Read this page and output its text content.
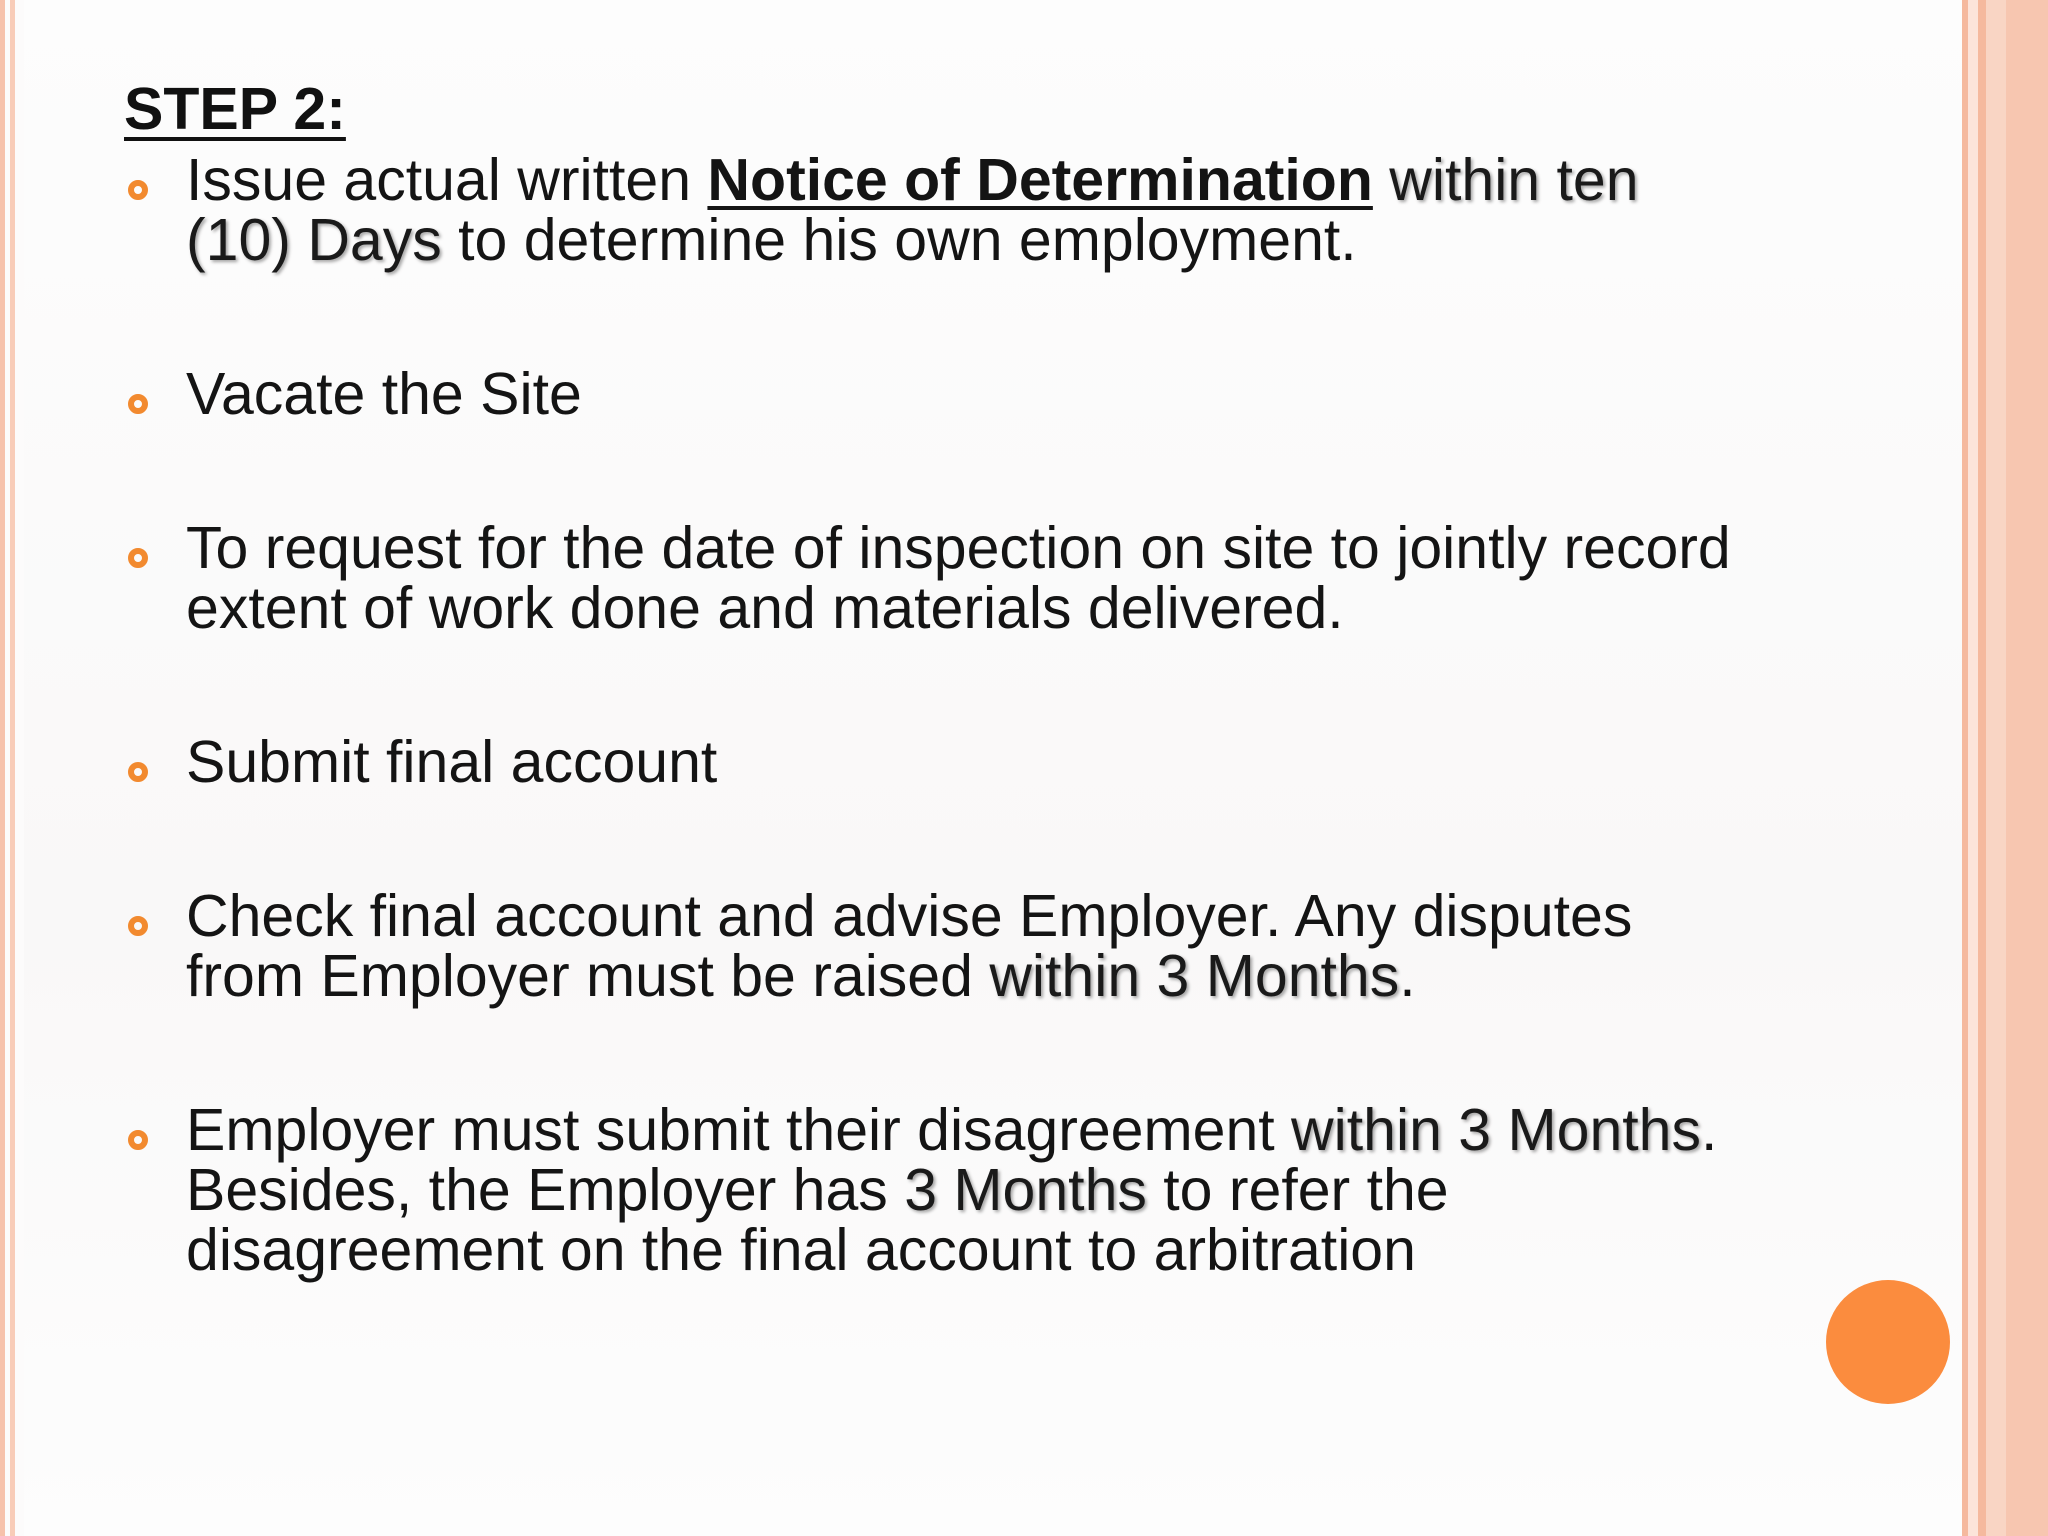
STEP 2:
Issue actual written Notice of Determination within ten (10) Days to determine his own employment.
Vacate the Site
To request for the date of inspection on site to jointly record extent of work done and materials delivered.
Submit final account
Check final account and advise Employer. Any disputes from Employer must be raised within 3 Months.
Employer must submit their disagreement within 3 Months. Besides, the Employer has 3 Months to refer the disagreement on the final account to arbitration
